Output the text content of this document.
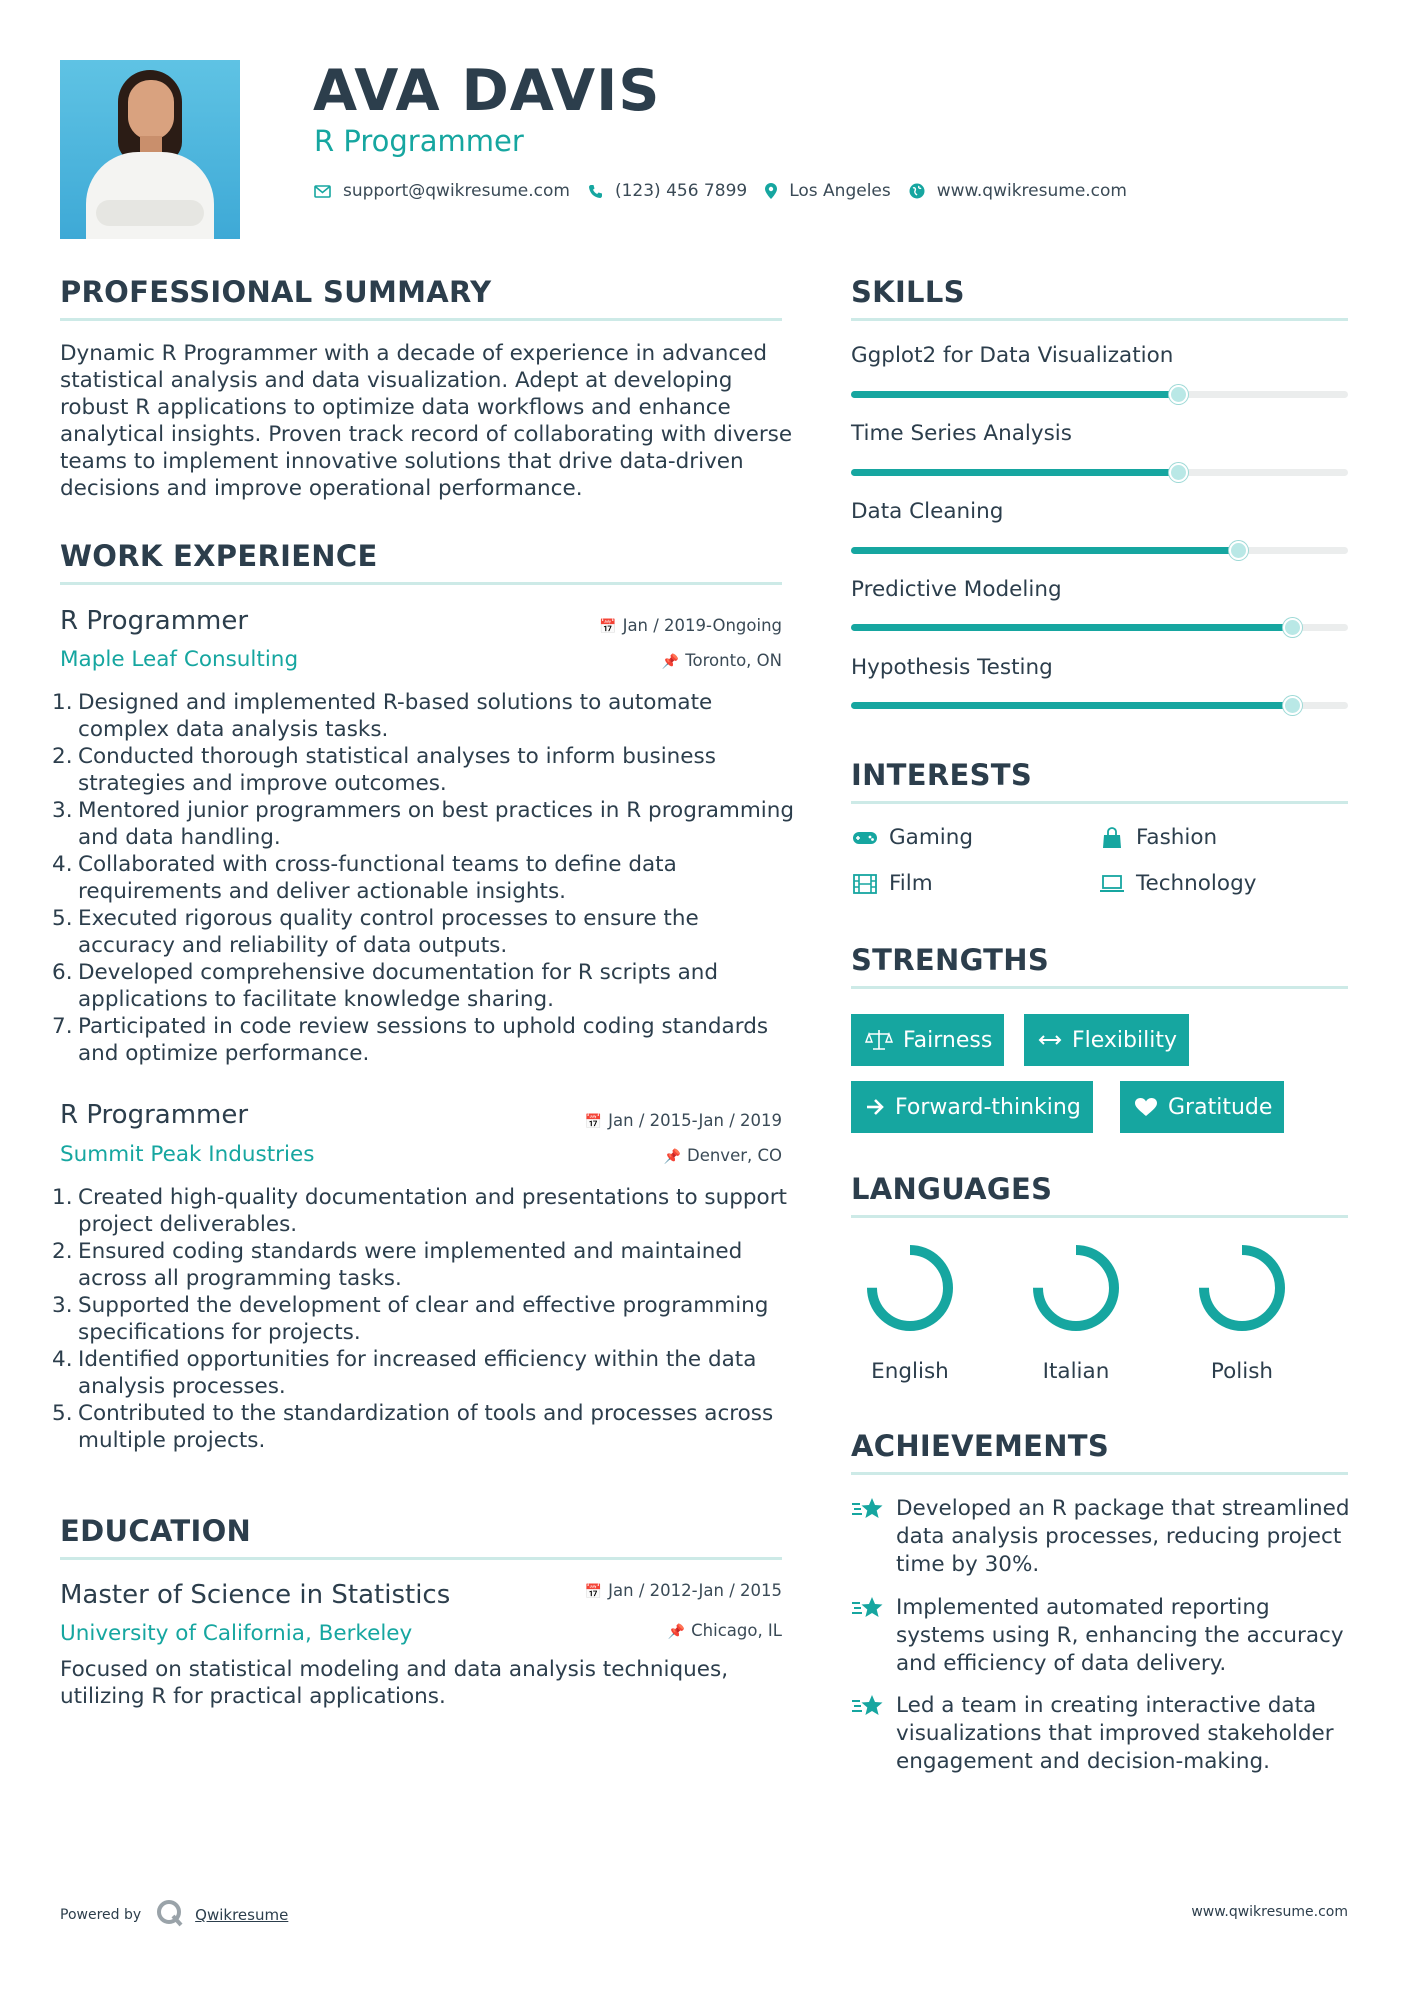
AVA DAVIS
R Programmer
support@qwikresume.com	(123) 456 7899 Los Angeles	www.qwikresume.com
PROFESSIONAL SUMMARY
Dynamic R Programmer with a decade of experience in advanced statistical analysis and data visualization. Adept at developing robust R applications to optimize data workflows and enhance analytical insights. Proven track record of collaborating with diverse teams to implement innovative solutions that drive data-driven decisions and improve operational performance.
WORK EXPERIENCE
R Programmer	📅 Jan / 2019-Ongoing
Maple Leaf Consulting	📌 Toronto, ON
Designed and implemented R-based solutions to automate complex data analysis tasks.
Conducted thorough statistical analyses to inform business strategies and improve outcomes.
Mentored junior programmers on best practices in R programming and data handling.
Collaborated with cross-functional teams to define data requirements and deliver actionable insights.
Executed rigorous quality control processes to ensure the accuracy and reliability of data outputs.
Developed comprehensive documentation for R scripts and applications to facilitate knowledge sharing.
Participated in code review sessions to uphold coding standards and optimize performance.
R Programmer	📅 Jan / 2015-Jan / 2019
Summit Peak Industries	📌 Denver, CO
Created high-quality documentation and presentations to support project deliverables.
Ensured coding standards were implemented and maintained across all programming tasks.
Supported the development of clear and effective programming specifications for projects.
Identified opportunities for increased efficiency within the data analysis processes.
Contributed to the standardization of tools and processes across multiple projects.
EDUCATION
Master of Science in Statistics	📅 Jan / 2012-Jan / 2015
University of California, Berkeley	📌 Chicago, IL
Focused on statistical modeling and data analysis techniques, utilizing R for practical applications.
SKILLS
Ggplot2 for Data Visualization
Time Series Analysis
Data Cleaning
Predictive Modeling
Hypothesis Testing
INTERESTS
Gaming	Fashion
Film	Technology
STRENGTHS
Fairness	Flexibility
Forward-thinking	Gratitude
LANGUAGES
English	Italian	Polish
ACHIEVEMENTS
Developed an R package that streamlined data analysis processes, reducing project time by 30%.
Implemented automated reporting systems using R, enhancing the accuracy and efficiency of data delivery.
Led a team in creating interactive data visualizations that improved stakeholder engagement and decision-making.
Powered by	Qwikresume	www.qwikresume.com
